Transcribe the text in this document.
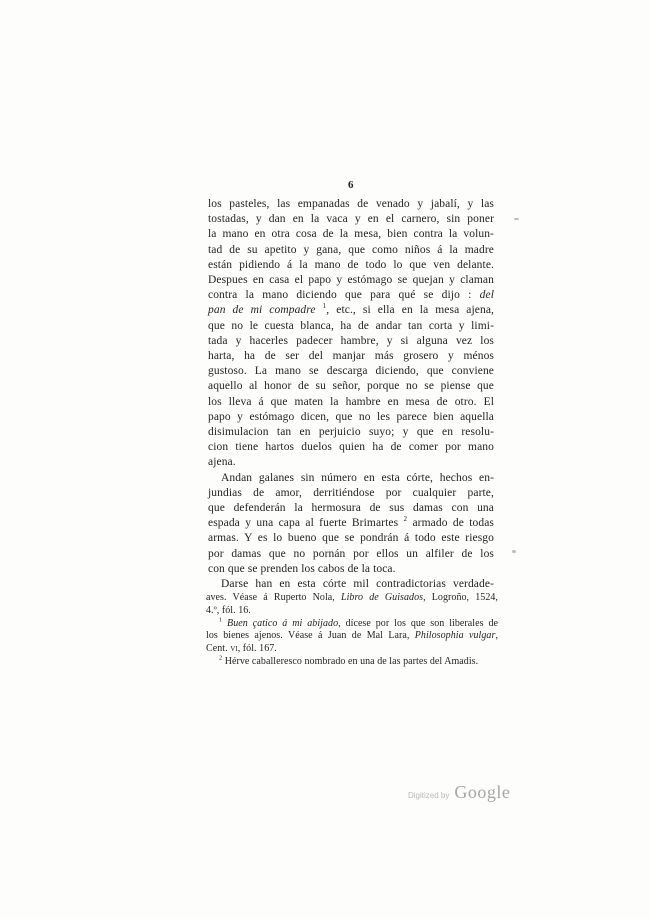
6
los pasteles, las empanadas de venado y jabalí, y las
tostadas, y dan en la vaca y en el carnero, sin poner
la mano en otra cosa de la mesa, bien contra la volun-
tad de su apetito y gana, que como niños á la madre
están pidiendo á la mano de todo lo que ven delante.
Despues en casa el papo y estómago se quejan y claman
contra la mano diciendo que para qué se dijo : del
pan de mi compadre $^1$, etc., si ella en la mesa ajena,
que no le cuesta blanca, ha de andar tan corta y limi-
tada y hacerles padecer hambre, y si alguna vez los
harta, ha de ser del manjar más grosero y ménos
gustoso. La mano se descarga diciendo, que conviene
aquello al honor de su señor, porque no se piense que
los lleva á que maten la hambre en mesa de otro. El
papo y estómago dicen, que no les parece bien aquella
disimulacion tan en perjuicio suyo; y que en resolu-
cion tiene hartos duelos quien ha de comer por mano
ajena.
Andan galanes sin número en esta córte, hechos en-
jundias de amor, derritiéndose por cualquier parte,
que defenderán la hermosura de sus damas con una
espada y una capa al fuerte Brimartes $^2$ armado de todas
armas. Y es lo bueno que se pondrán á todo este riesgo
por damas que no pornán por ellos un alfiler de los
con que se prenden los cabos de la toca.
Darse han en esta córte mil contradictorias verdade-
aves. Véase á Ruperto Nola, Libro de Guisados, Logroño, 1524,
4.º, fól. 16.
$^1$ Buen çatico á mi abijado, dícese por los que son liberales de
los bienes ajenos. Véase á Juan de Mal Lara, Philosophia vulgar,
Cent. vi, fól. 167.
$^2$ Hérve caballeresco nombrado en una de las partes del Amadis.
Digitized by Google
